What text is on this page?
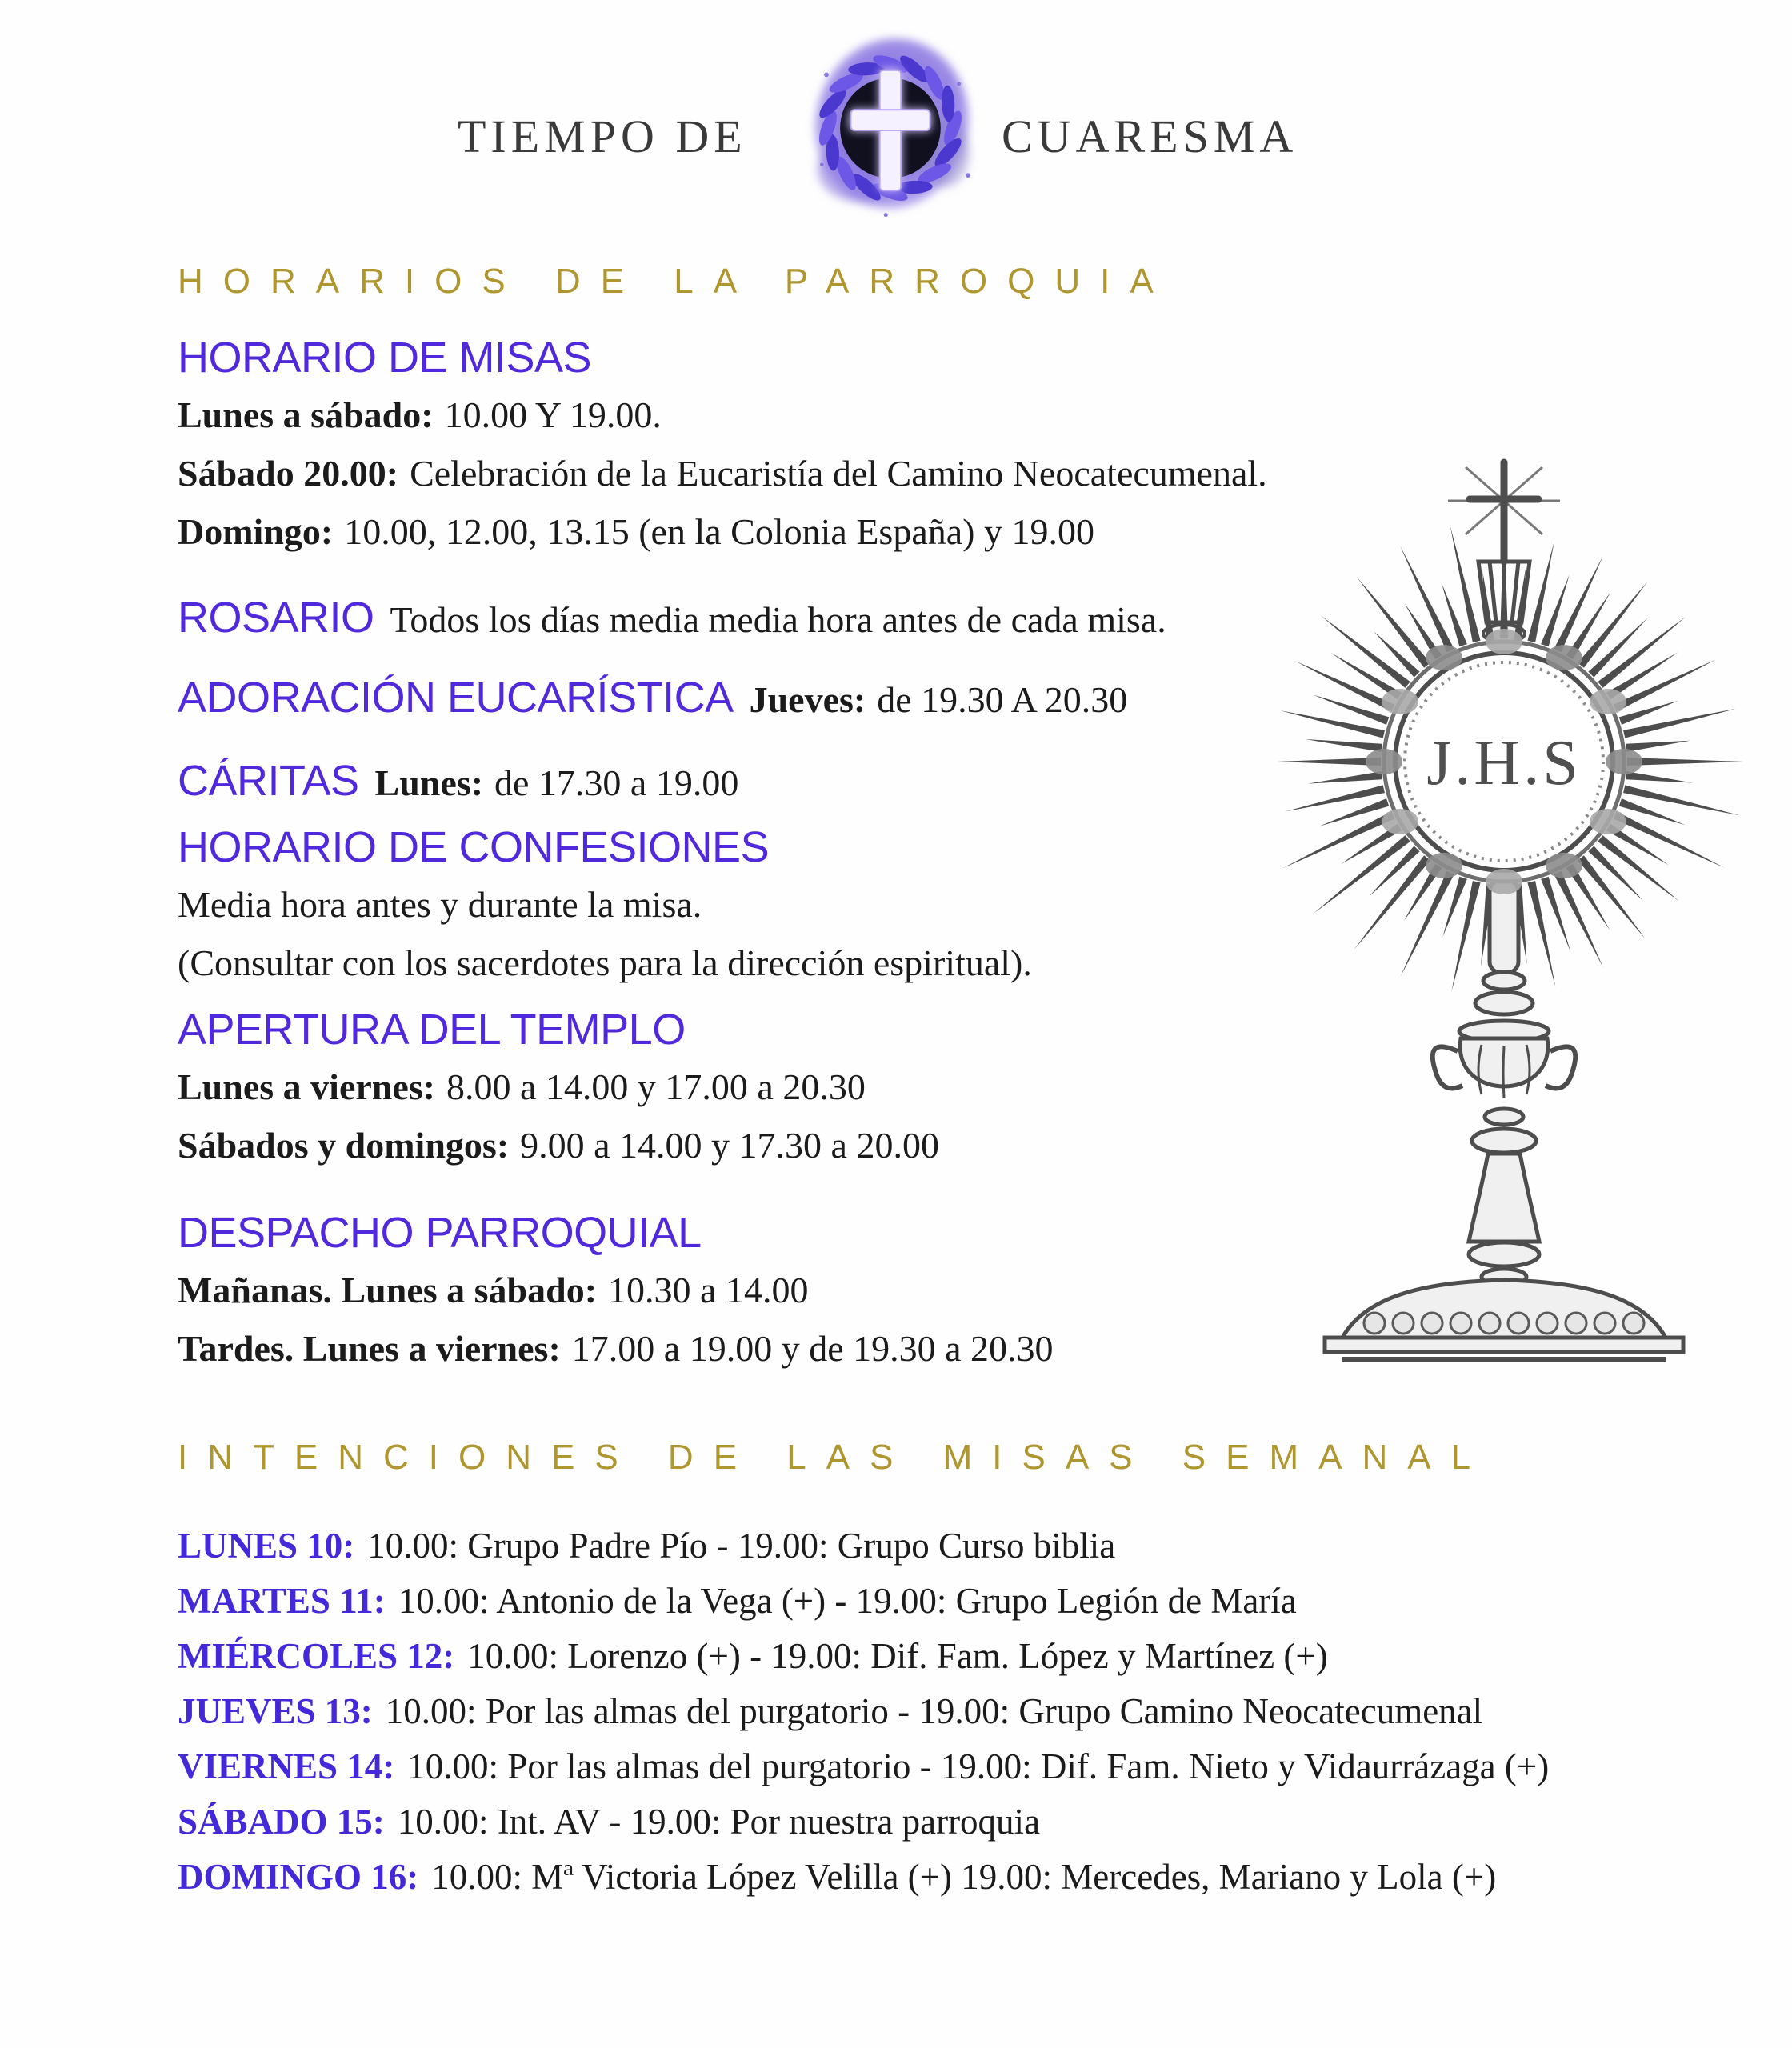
TIEMPO DE	CUARESMA
J.H.S
HORARIOS DE LA PARROQUIA
HORARIO DE MISAS
Lunes a sábado: 10.00 Y 19.00.
Sábado 20.00: Celebración de la Eucaristía del Camino Neocatecumenal.
Domingo: 10.00, 12.00, 13.15 (en la Colonia España) y 19.00
ROSARIO Todos los días media media hora antes de cada misa.
ADORACIÓN EUCARÍSTICA Jueves: de 19.30 A 20.30
CÁRITAS Lunes: de 17.30 a 19.00
HORARIO DE CONFESIONES
Media hora antes y durante la misa.
(Consultar con los sacerdotes para la dirección espiritual).
APERTURA DEL TEMPLO
Lunes a viernes: 8.00 a 14.00 y 17.00 a 20.30
Sábados y domingos: 9.00 a 14.00 y 17.30 a 20.00
DESPACHO PARROQUIAL
Mañanas. Lunes a sábado: 10.30 a 14.00
Tardes. Lunes a viernes: 17.00 a 19.00 y de 19.30 a 20.30
INTENCIONES DE LAS MISAS SEMANAL
LUNES 10: 10.00: Grupo Padre Pío - 19.00: Grupo Curso biblia
MARTES 11: 10.00: Antonio de la Vega (+) - 19.00: Grupo Legión de María
MIÉRCOLES 12: 10.00: Lorenzo (+) - 19.00: Dif. Fam. López y Martínez (+)
JUEVES 13: 10.00: Por las almas del purgatorio - 19.00: Grupo Camino Neocatecumenal
VIERNES 14: 10.00: Por las almas del purgatorio - 19.00: Dif. Fam. Nieto y Vidaurrázaga (+)
SÁBADO 15: 10.00: Int. AV - 19.00: Por nuestra parroquia
DOMINGO 16: 10.00: Mª Victoria López Velilla (+) 19.00: Mercedes, Mariano y Lola (+)
